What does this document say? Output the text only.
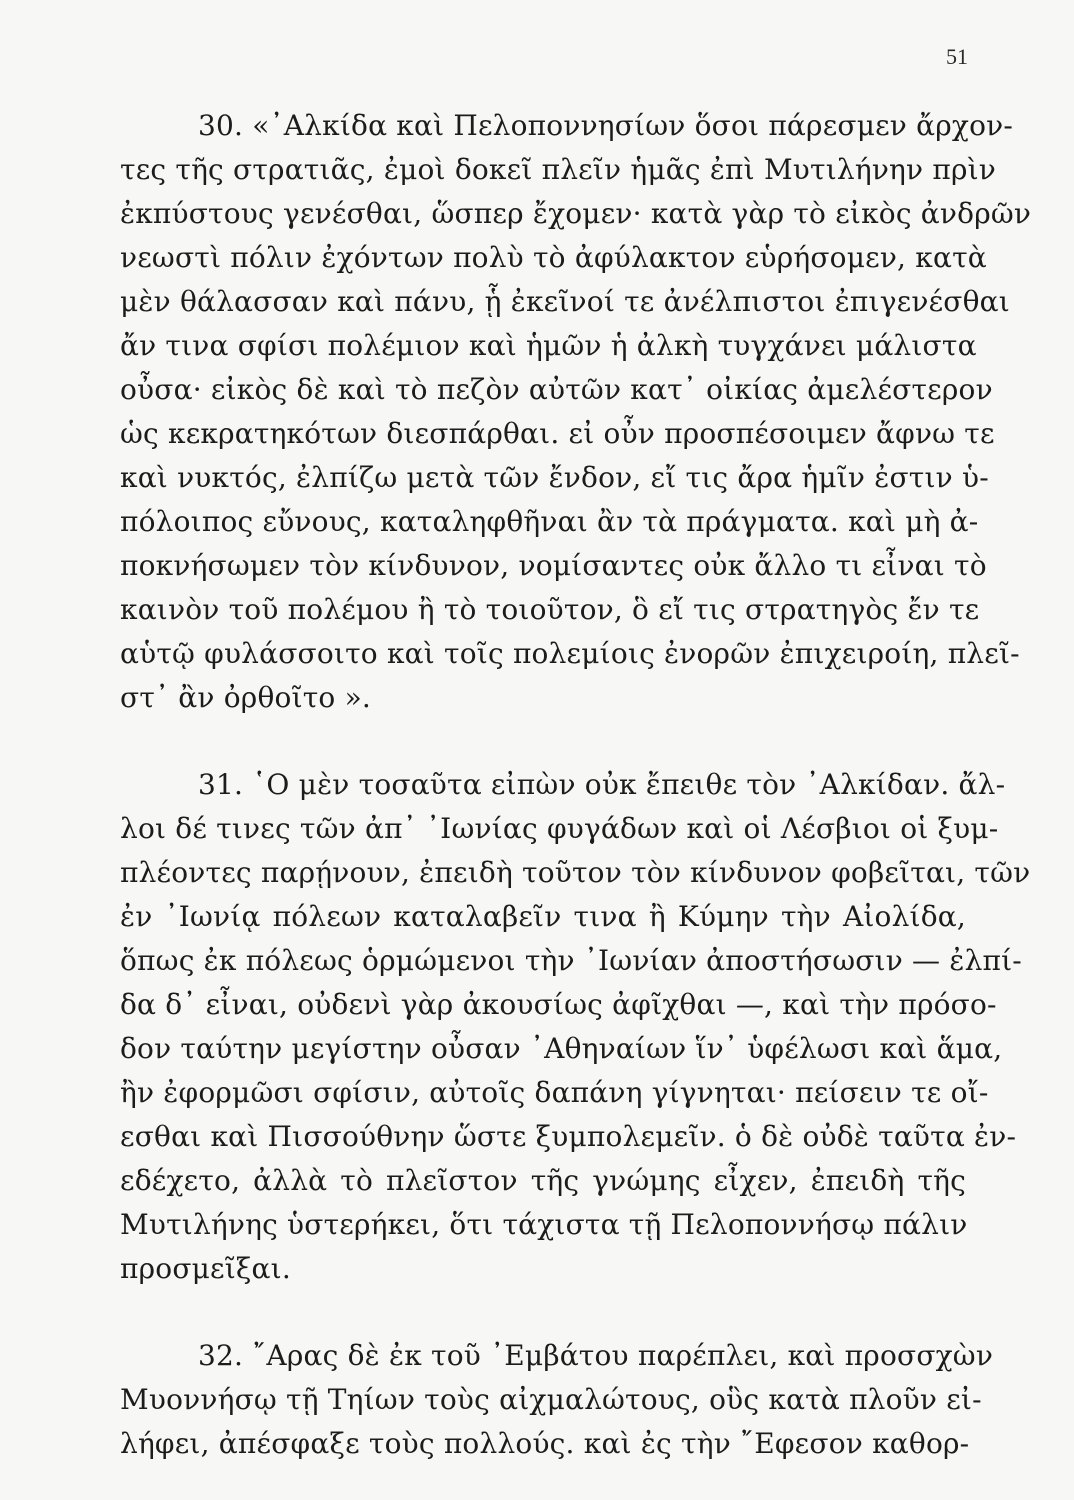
51
30. «᾿Αλκίδα καὶ Πελοποννησίων ὅσοι πάρεσμεν ἄρχον-
τες τῆς στρατιᾶς, ἐμοὶ δοκεῖ πλεῖν ἡμᾶς ἐπὶ Μυτιλήνην πρὶν
ἐκπύστους γενέσθαι, ὥσπερ ἔχομεν· κατὰ γὰρ τὸ εἰκὸς ἀνδρῶν
νεωστὶ πόλιν ἐχόντων πολὺ τὸ ἀφύλακτον εὑρήσομεν, κατὰ
μὲν θάλασσαν καὶ πάνυ, ᾗ ἐκεῖνοί τε ἀνέλπιστοι ἐπιγενέσθαι
ἄν τινα σφίσι πολέμιον καὶ ἡμῶν ἡ ἀλκὴ τυγχάνει μάλιστα
οὖσα· εἰκὸς δὲ καὶ τὸ πεζὸν αὐτῶν κατ᾿ οἰκίας ἀμελέστερον
ὡς κεκρατηκότων διεσπάρθαι. εἰ οὖν προσπέσοιμεν ἄφνω τε
καὶ νυκτός, ἐλπίζω μετὰ τῶν ἔνδον, εἴ τις ἄρα ἡμῖν ἐστιν ὑ-
πόλοιπος εὔνους, καταληφθῆναι ἂν τὰ πράγματα. καὶ μὴ ἀ-
ποκνήσωμεν τὸν κίνδυνον, νομίσαντες οὐκ ἄλλο τι εἶναι τὸ
καινὸν τοῦ πολέμου ἢ τὸ τοιοῦτον, ὃ εἴ τις στρατηγὸς ἔν τε
αὑτῷ φυλάσσοιτο καὶ τοῖς πολεμίοις ἐνορῶν ἐπιχειροίη, πλεῖ-
στ᾿ ἂν ὀρθοῖτο ».
31. ῾Ο μὲν τοσαῦτα εἰπὼν οὐκ ἔπειθε τὸν ᾿Αλκίδαν. ἄλ-
λοι δέ τινες τῶν ἀπ᾿ ᾿Ιωνίας φυγάδων καὶ οἱ Λέσβιοι οἱ ξυμ-
πλέοντες παρῄνουν, ἐπειδὴ τοῦτον τὸν κίνδυνον φοβεῖται, τῶν
ἐν ᾿Ιωνίᾳ πόλεων καταλαβεῖν τινα ἢ Κύμην τὴν Αἰολίδα,
ὅπως ἐκ πόλεως ὁρμώμενοι τὴν ᾿Ιωνίαν ἀποστήσωσιν — ἐλπί-
δα δ᾿ εἶναι, οὐδενὶ γὰρ ἀκουσίως ἀφῖχθαι —, καὶ τὴν πρόσο-
δον ταύτην μεγίστην οὖσαν ᾿Αθηναίων ἵν᾿ ὑφέλωσι καὶ ἅμα,
ἢν ἐφορμῶσι σφίσιν, αὐτοῖς δαπάνη γίγνηται· πείσειν τε οἴ-
εσθαι καὶ Πισσούθνην ὥστε ξυμπολεμεῖν. ὁ δὲ οὐδὲ ταῦτα ἐν-
εδέχετο, ἀλλὰ τὸ πλεῖστον τῆς γνώμης εἶχεν, ἐπειδὴ τῆς
Μυτιλήνης ὑστερήκει, ὅτι τάχιστα τῇ Πελοποννήσῳ πάλιν
προσμεῖξαι.
32. ῎Αρας δὲ ἐκ τοῦ ᾿Εμβάτου παρέπλει, καὶ προσσχὼν
Μυοννήσῳ τῇ Τηίων τοὺς αἰχμαλώτους, οὓς κατὰ πλοῦν εἰ-
λήφει, ἀπέσφαξε τοὺς πολλούς. καὶ ἐς τὴν ῎Εφεσον καθορ-
